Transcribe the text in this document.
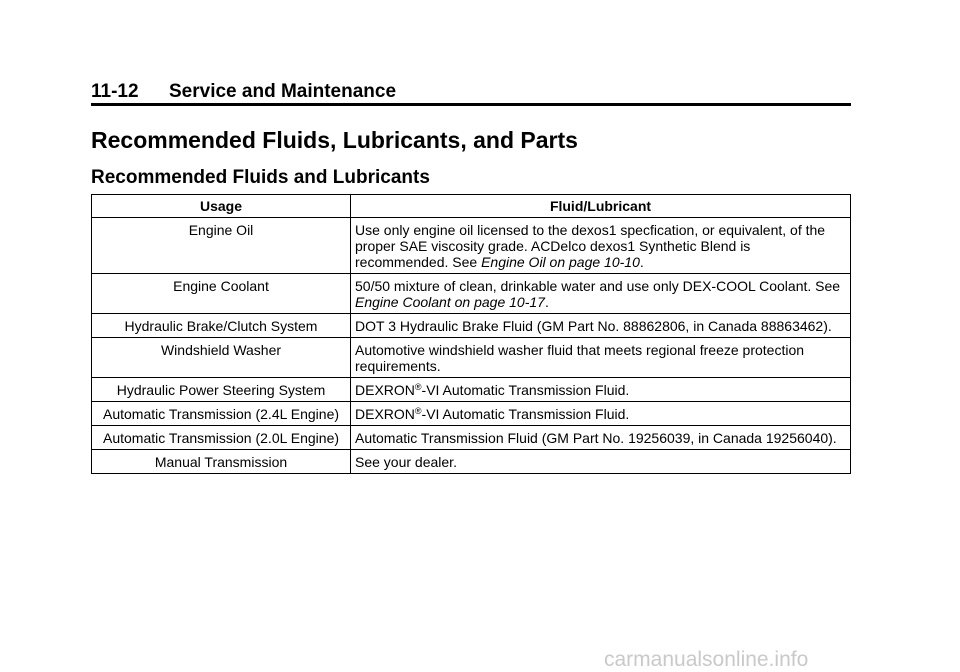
11-12 Service and Maintenance
Recommended Fluids, Lubricants, and Parts
Recommended Fluids and Lubricants
Usage	Fluid/Lubricant
Engine Oil	Use only engine oil licensed to the dexos1 specfication, or equivalent, of the proper SAE viscosity grade. ACDelco dexos1 Synthetic Blend is recommended. See Engine Oil on page 10-10.
Engine Coolant	50/50 mixture of clean, drinkable water and use only DEX-COOL Coolant. See Engine Coolant on page 10-17.
Hydraulic Brake/Clutch System	DOT 3 Hydraulic Brake Fluid (GM Part No. 88862806, in Canada 88863462).
Windshield Washer	Automotive windshield washer fluid that meets regional freeze protection requirements.
Hydraulic Power Steering System	DEXRON®-VI Automatic Transmission Fluid.
Automatic Transmission (2.4L Engine)	DEXRON®-VI Automatic Transmission Fluid.
Automatic Transmission (2.0L Engine)	Automatic Transmission Fluid (GM Part No. 19256039, in Canada 19256040).
Manual Transmission	See your dealer.
carmanualsonline.info
